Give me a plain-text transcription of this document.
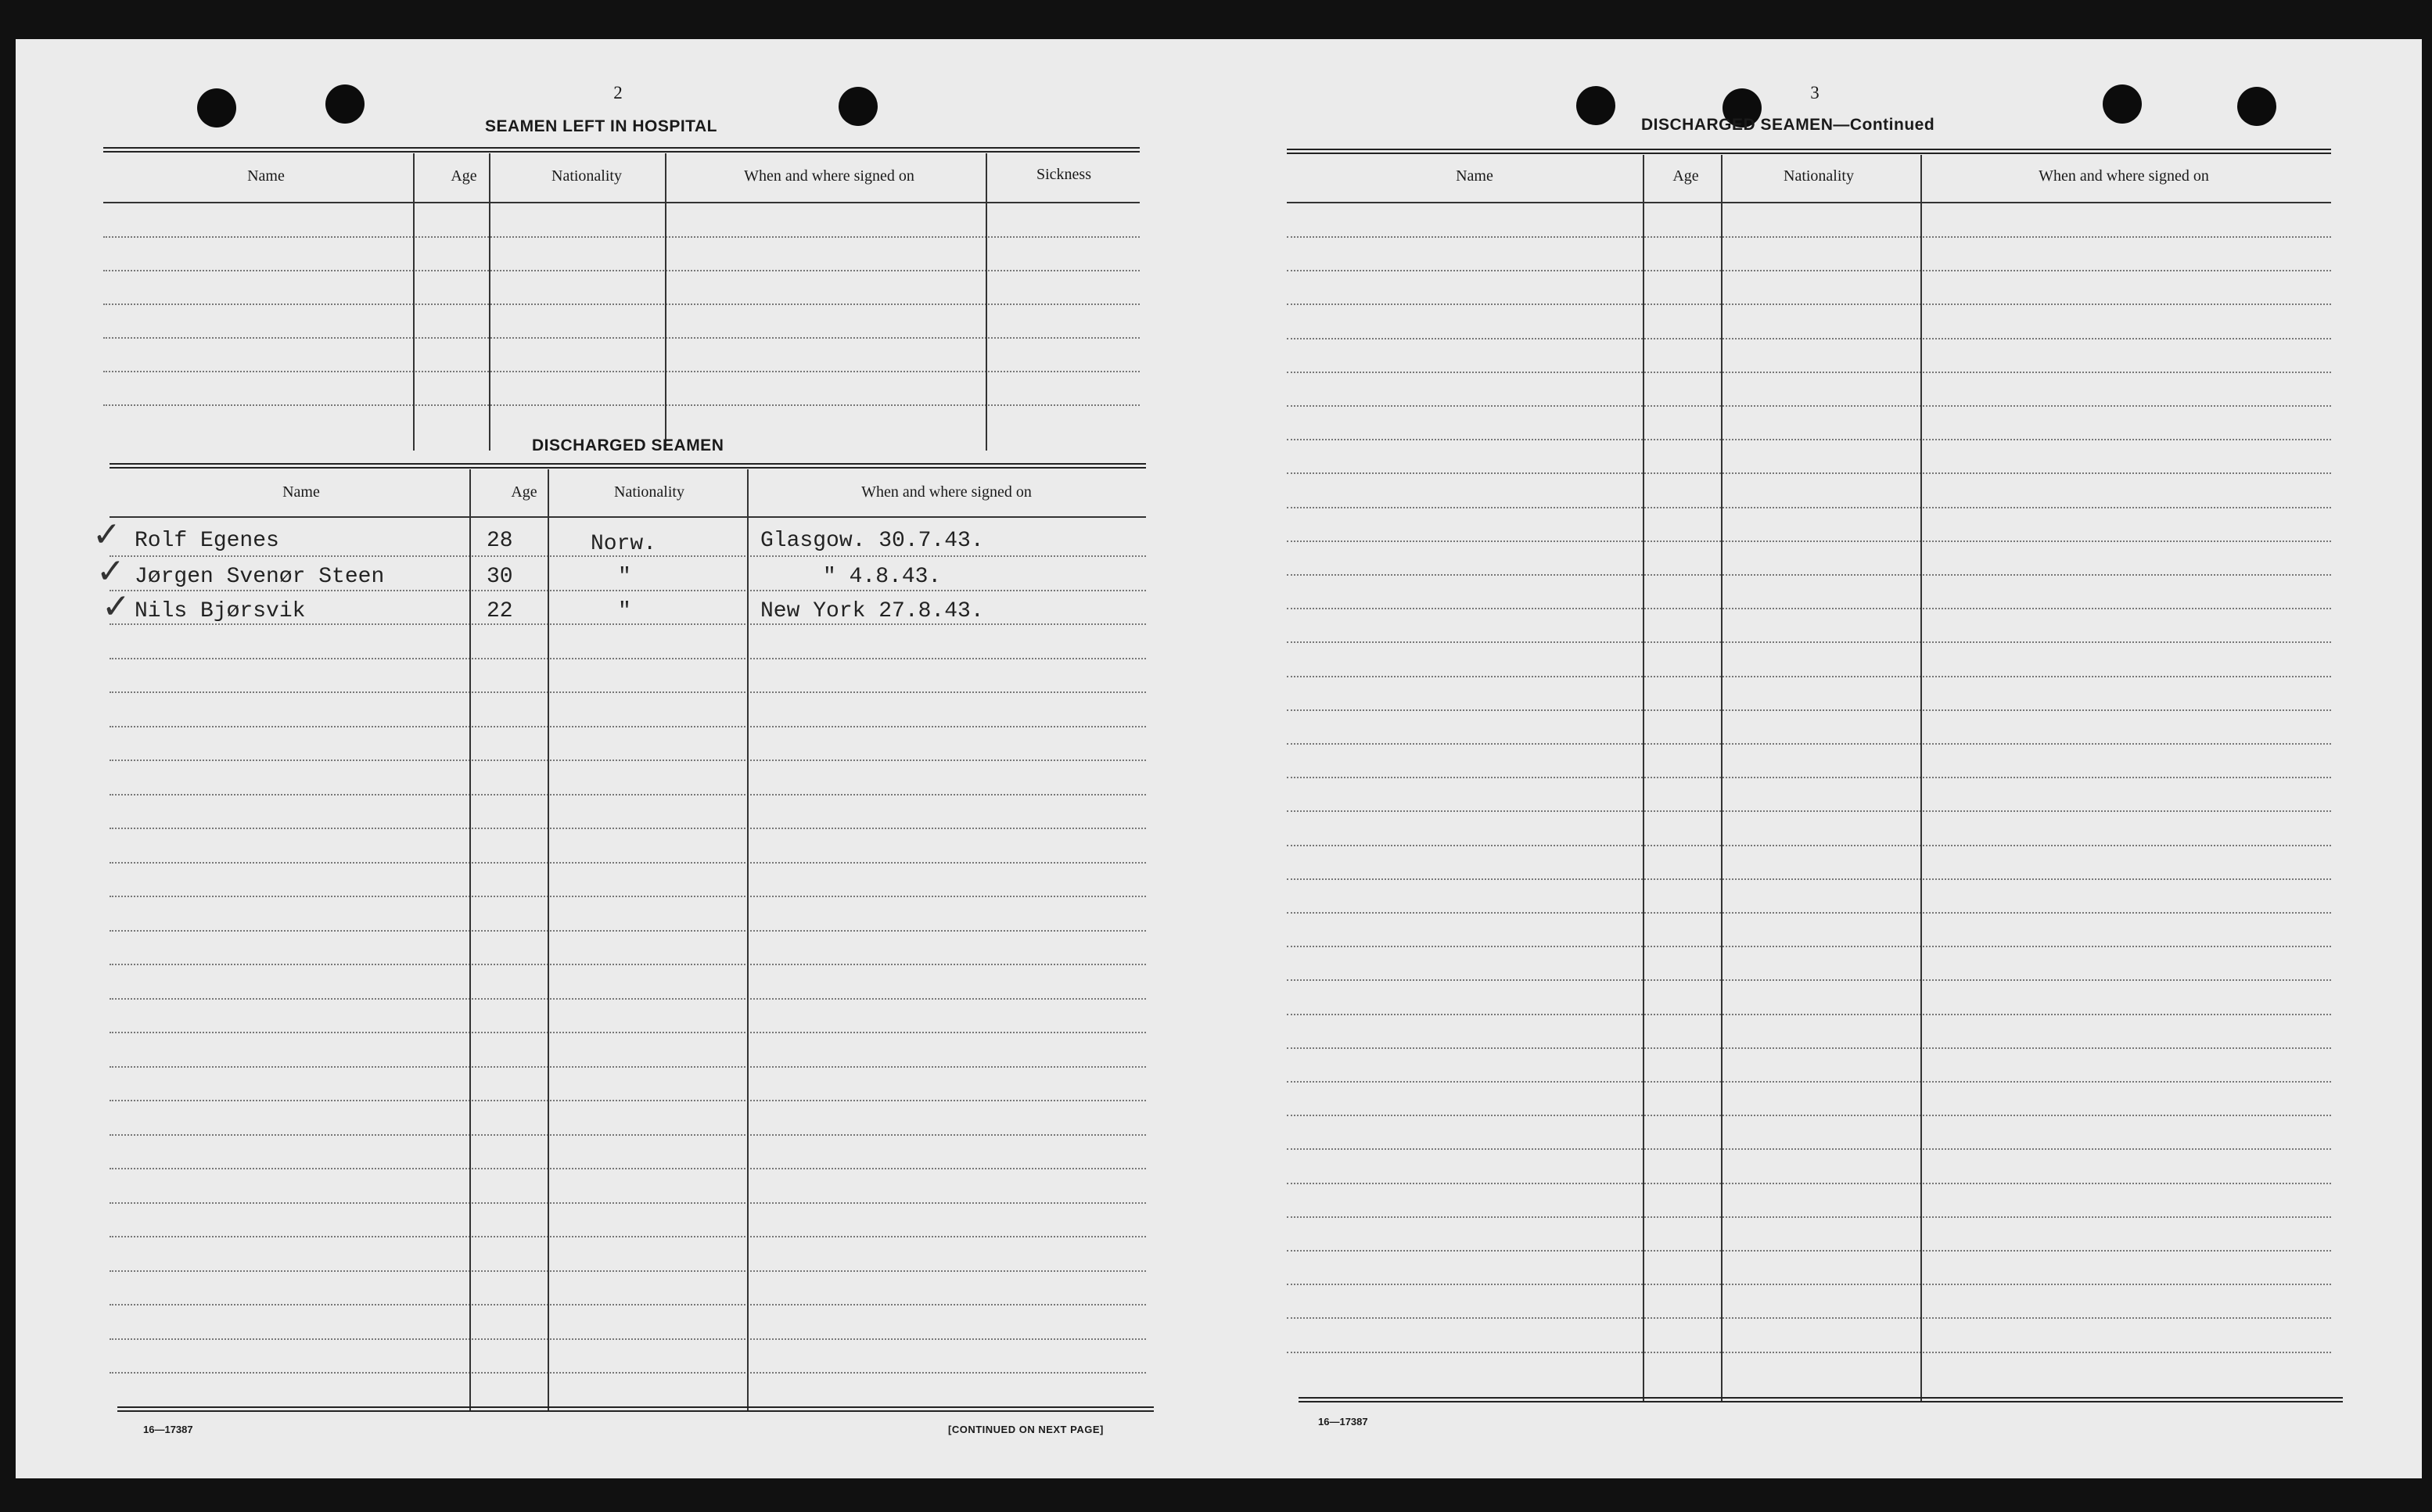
2
SEAMEN LEFT IN HOSPITAL
Name	Age	Nationality	When and where signed on	Sickness
DISCHARGED SEAMEN
Name	Age	Nationality	When and where signed on
✓
✓
✓
Rolf Egenes	28	Norw.	Glasgow. 30.7.43.
Jørgen Svenør Steen	30	"	" 4.8.43.
Nils Bjørsvik	22	"	New York 27.8.43.
16—17387	[CONTINUED ON NEXT PAGE]
3
DISCHARGED SEAMEN—Continued
Name	Age	Nationality	When and where signed on
16—17387
